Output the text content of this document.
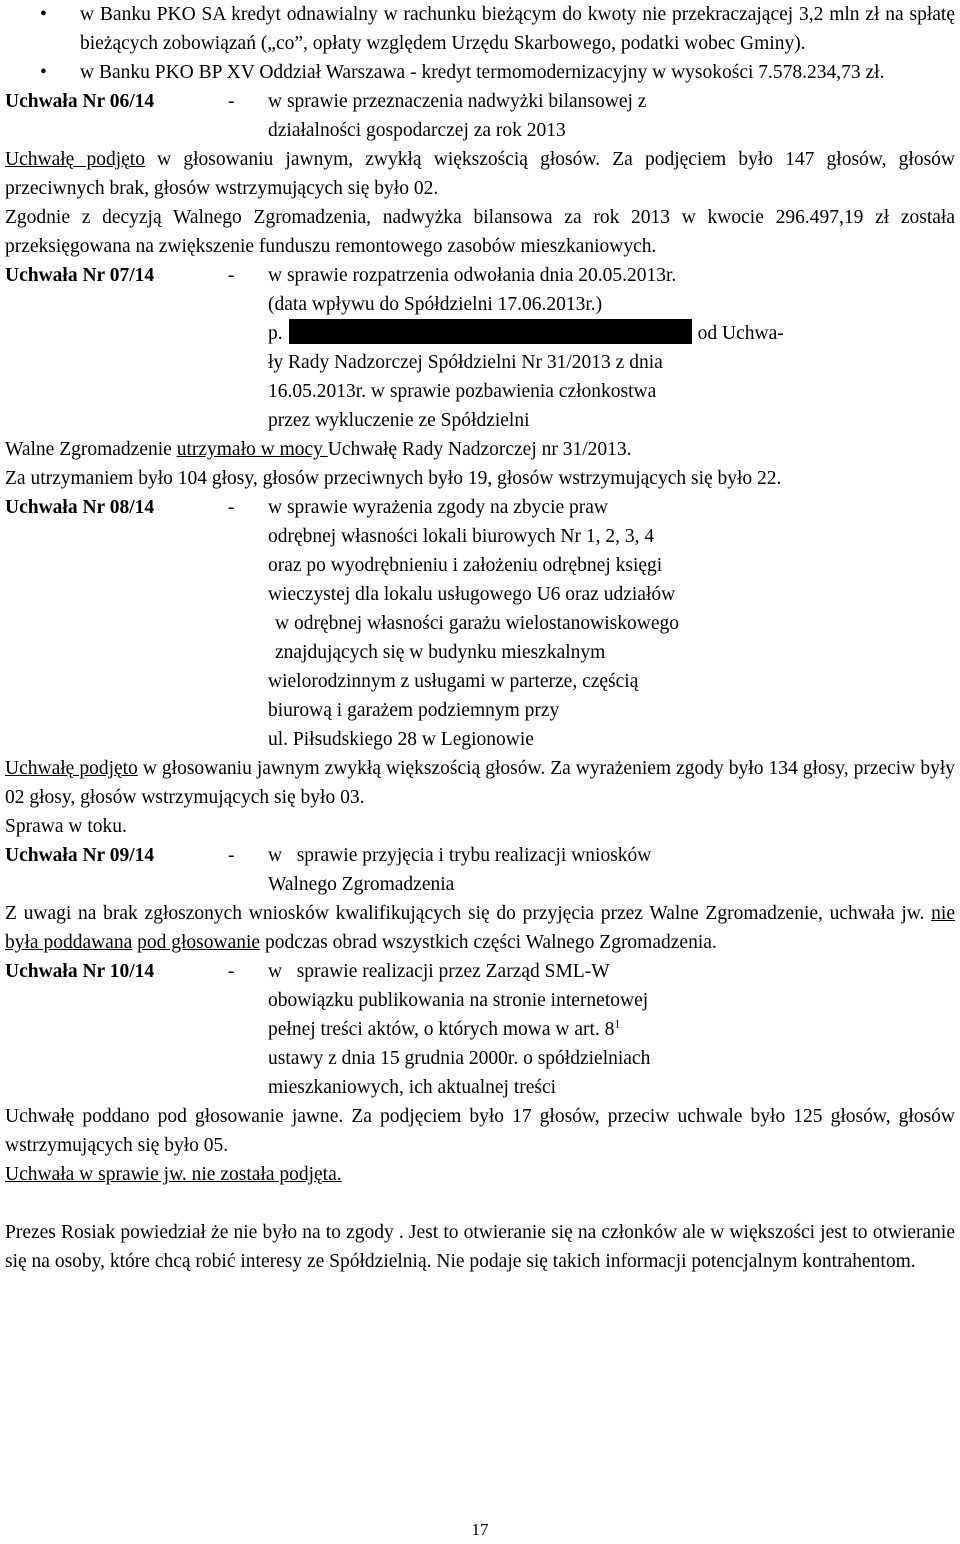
• w Banku PKO SA kredyt odnawialny w rachunku bieżącym do kwoty nie przekraczającej 3,2 mln zł na spłatę bieżących zobowiązań („co”, opłaty względem Urzędu Skarbowego, podatki wobec Gminy).

• w Banku PKO BP XV Oddział Warszawa - kredyt termomodernizacyjny w wysokości 7.578.234,73 zł.

Uchwała Nr 06/14	-	w sprawie przeznaczenia nadwyżki bilansowej z

działalności gospodarczej za rok 2013

Uchwałę podjęto w głosowaniu jawnym, zwykłą większością głosów. Za podjęciem było 147 głosów, głosów przeciwnych brak, głosów wstrzymujących się było 02.

Zgodnie z decyzją Walnego Zgromadzenia, nadwyżka bilansowa za rok 2013 w kwocie 296.497,19 zł została przeksięgowana na zwiększenie funduszu remontowego zasobów mieszkaniowych.

Uchwała Nr 07/14	-	w sprawie rozpatrzenia odwołania dnia 20.05.2013r.

(data wpływu do Spółdzielni 17.06.2013r.)

p.	od Uchwa-

ły Rady Nadzorczej Spółdzielni Nr 31/2013 z dnia

16.05.2013r. w sprawie pozbawienia członkostwa

przez wykluczenie ze Spółdzielni

Walne Zgromadzenie utrzymało w mocy Uchwałę Rady Nadzorczej nr 31/2013.

Za utrzymaniem było 104 głosy, głosów przeciwnych było 19, głosów wstrzymujących się było 22.

Uchwała Nr 08/14	-	w sprawie wyrażenia zgody na zbycie praw

odrębnej własności lokali biurowych Nr 1, 2, 3, 4

oraz po wyodrębnieniu i założeniu odrębnej księgi

wieczystej dla lokalu usługowego U6 oraz udziałów

w odrębnej własności garażu wielostanowiskowego

znajdujących się w budynku mieszkalnym

wielorodzinnym z usługami w parterze, częścią

biurową i garażem podziemnym przy

ul. Piłsudskiego 28 w Legionowie

Uchwałę podjęto w głosowaniu jawnym zwykłą większością głosów. Za wyrażeniem zgody było 134 głosy, przeciw były 02 głosy, głosów wstrzymujących się było 03.

Sprawa w toku.

Uchwała Nr 09/14	-	w   sprawie przyjęcia i trybu realizacji wniosków

Walnego Zgromadzenia

Z uwagi na brak zgłoszonych wniosków kwalifikujących się do przyjęcia przez Walne Zgromadzenie, uchwała jw. nie była poddawana pod głosowanie podczas obrad wszystkich części Walnego Zgromadzenia.

Uchwała Nr 10/14	-	w   sprawie realizacji przez Zarząd SML-W

obowiązku publikowania na stronie internetowej

pełnej treści aktów, o których mowa w art. $8^1$

ustawy z dnia 15 grudnia 2000r. o spółdzielniach

mieszkaniowych, ich aktualnej treści

Uchwałę poddano pod głosowanie jawne. Za podjęciem było 17 głosów, przeciw uchwale było 125 głosów, głosów wstrzymujących się było 05.

Uchwała w sprawie jw. nie została podjęta.

Prezes Rosiak powiedział że nie było na to zgody . Jest to otwieranie się na członków ale w większości jest to otwieranie się na osoby, które chcą robić interesy ze Spółdzielnią. Nie podaje się takich informacji potencjalnym kontrahentom.

17
